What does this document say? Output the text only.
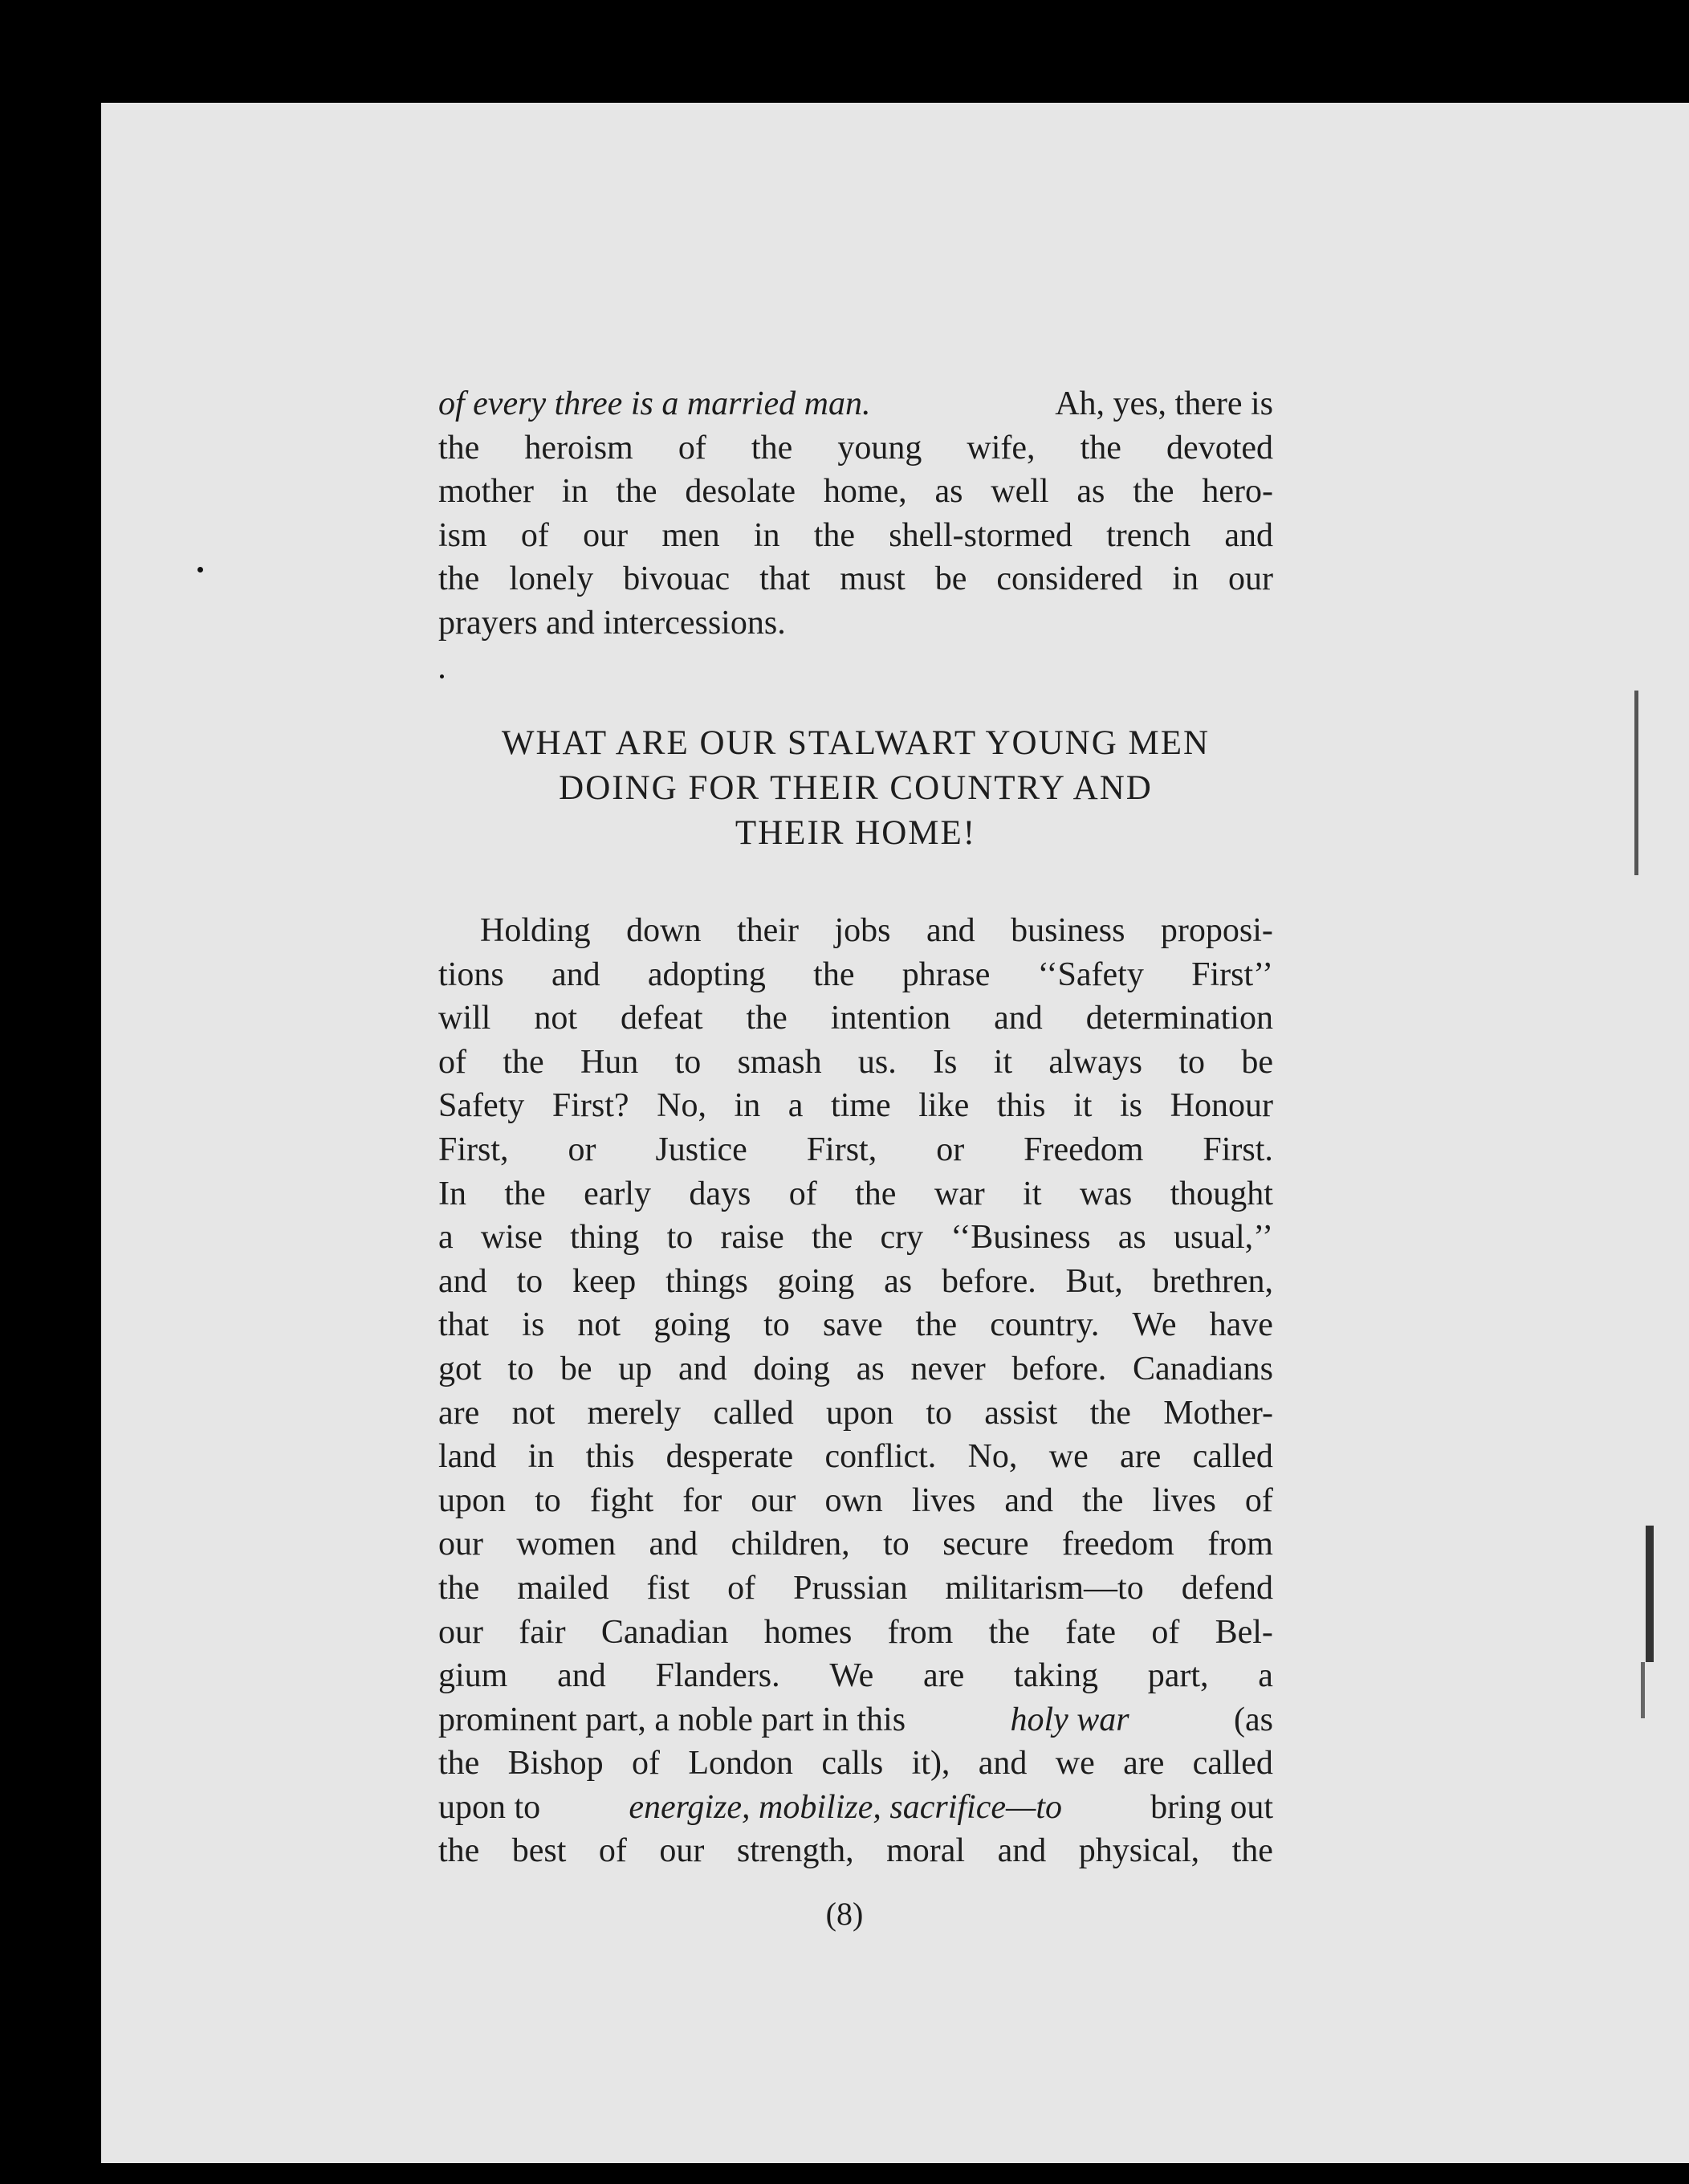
of every three is a married man.	Ah, yes, there is
the heroism of the young wife, the devoted
mother in the desolate home, as well as the hero-
ism of our men in the shell-stormed trench and
the lonely bivouac that must be considered in our
prayers and intercessions.
WHAT ARE OUR STALWART YOUNG MEN
DOING FOR THEIR COUNTRY AND
THEIR HOME!
Holding down their jobs and business proposi-
tions and adopting the phrase ‘‘Safety First’’
will not defeat the intention and determination
of the Hun to smash us. Is it always to be
Safety First? No, in a time like this it is Honour
First, or Justice First, or Freedom First.
In the early days of the war it was thought
a wise thing to raise the cry ‘‘Business as usual,’’
and to keep things going as before. But, brethren,
that is not going to save the country. We have
got to be up and doing as never before. Canadians
are not merely called upon to assist the Mother-
land in this desperate conflict. No, we are called
upon to fight for our own lives and the lives of
our women and children, to secure freedom from
the mailed fist of Prussian militarism—to defend
our fair Canadian homes from the fate of Bel-
gium and Flanders. We are taking part, a
prominent part, a noble part in this	holy war	(as
the Bishop of London calls it), and we are called
upon to	energize, mobilize, sacrifice—to	bring out
the best of our strength, moral and physical, the
(8)
